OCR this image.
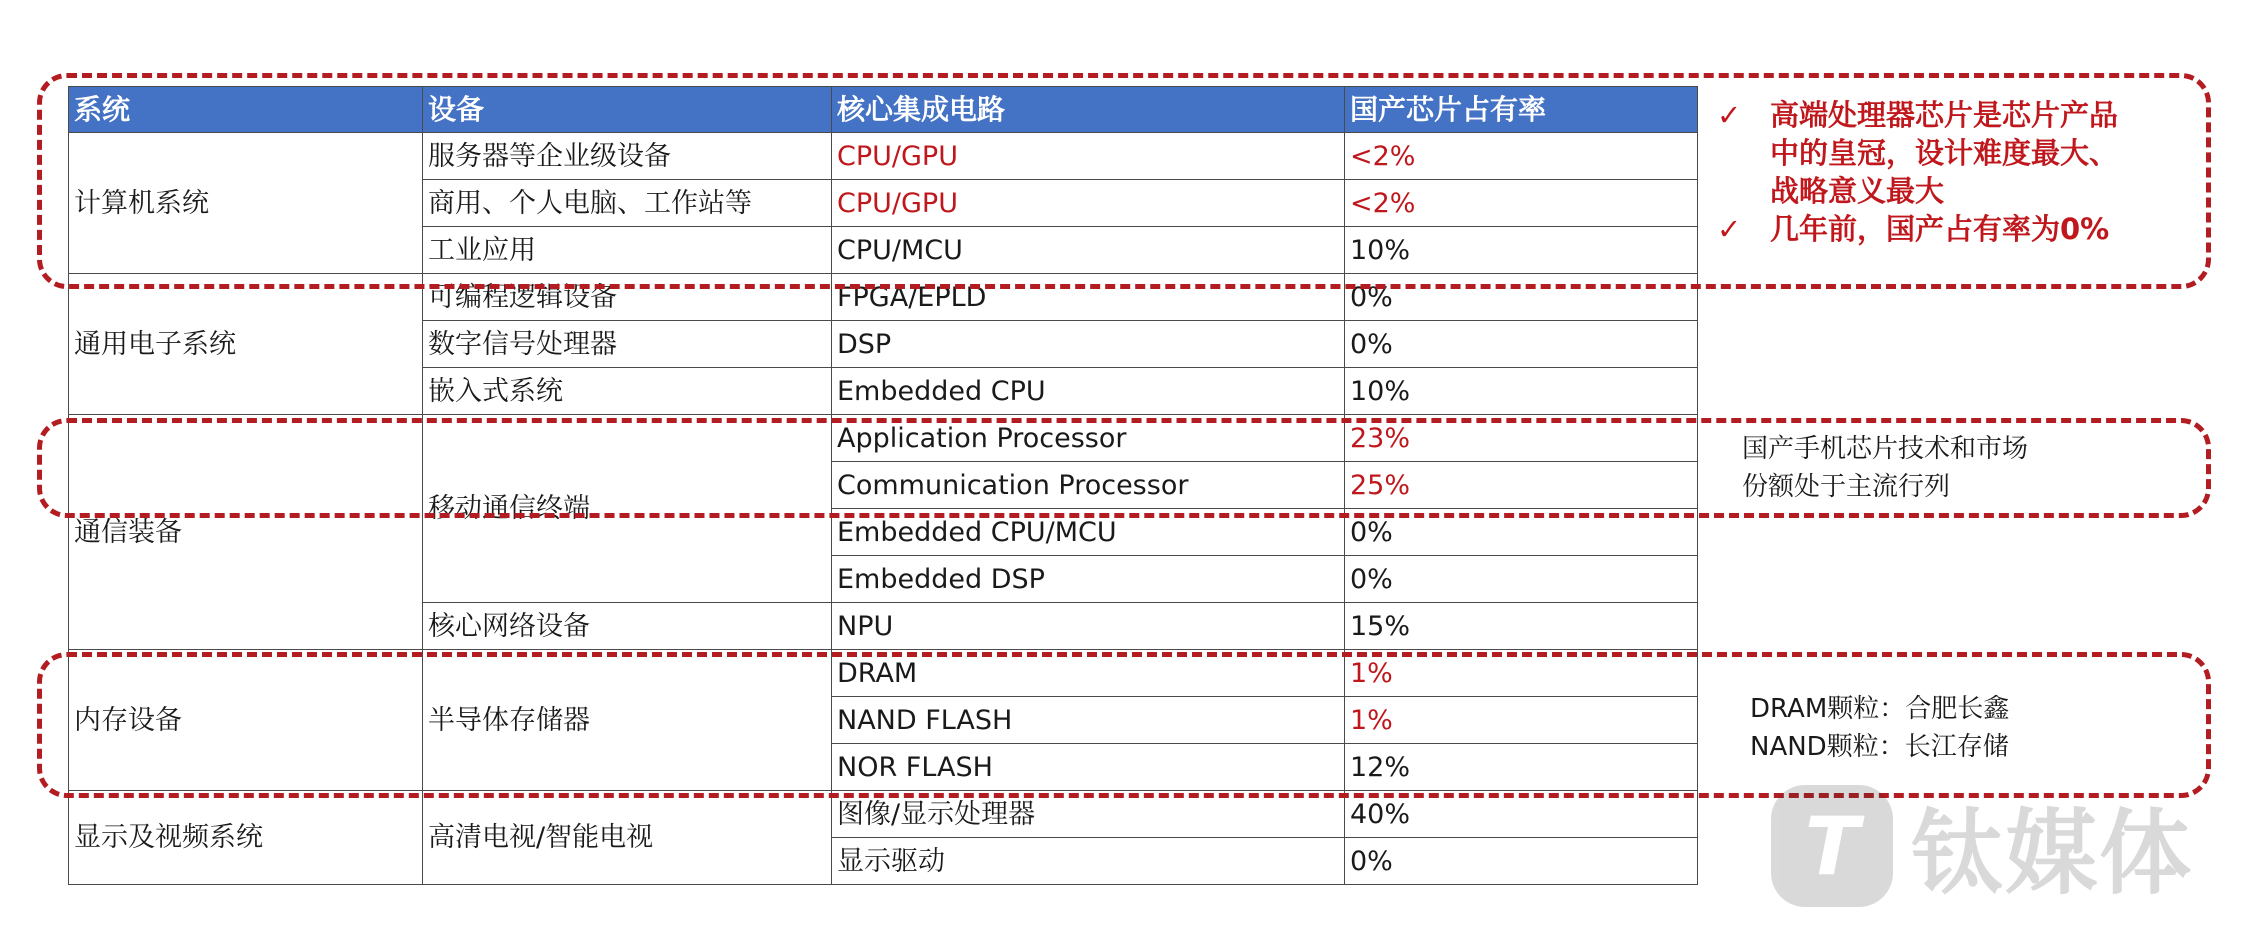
系统	设备	核心集成电路	国产芯片占有率
计算机系统	服务器等企业级设备	CPU/GPU	<2%
	商用、个人电脑、工作站等	CPU/GPU	<2%
	工业应用	CPU/MCU	10%
通用电子系统	可编程逻辑设备	FPGA/EPLD	0%
	数字信号处理器	DSP	0%
	嵌入式系统	Embedded CPU	10%
通信装备	移动通信终端	Application Processor	23%
		Communication Processor	25%
		Embedded CPU/MCU	0%
		Embedded DSP	0%
	核心网络设备	NPU	15%
内存设备	半导体存储器	DRAM	1%
		NAND FLASH	1%
		NOR FLASH	12%
显示及视频系统	高清电视/智能电视	图像/显示处理器	40%
		显示驱动	0%
✓ 高端处理器芯片是芯片产品
中的皇冠，设计难度最大、
战略意义最大
✓ 几年前，国产占有率为0%
国产手机芯片技术和市场
份额处于主流行列
DRAM颗粒：合肥长鑫
NAND颗粒：长江存储
T 钛媒体
